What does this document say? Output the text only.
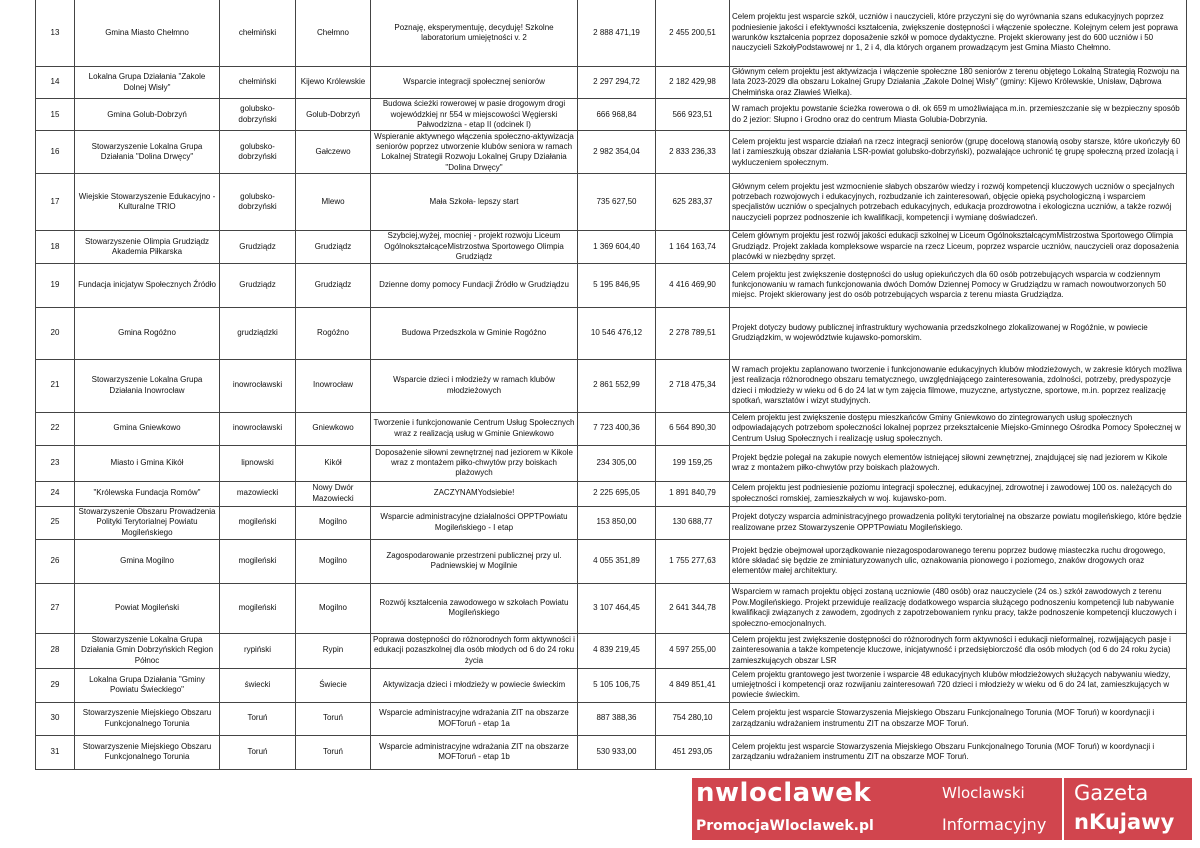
13	Gmina Miasto Chełmno	chełmiński	Chełmno	Poznaję, eksperymentuję, decyduję! Szkolne laboratorium umiejętności v. 2	2 888 471,19	2 455 200,51	Celem projektu jest wsparcie szkół, uczniów i nauczycieli, które przyczyni się do wyrównania szans edukacyjnych poprzez podniesienie jakości i efektywności kształcenia, zwiększenie dostępności i włączenie społeczne. Kolejnym celem jest poprawa warunków kształcenia poprzez doposażenie szkół w pomoce dydaktyczne. Projekt skierowany jest do 600 uczniów i 50 nauczycieli SzkołyPodstawowej nr 1, 2 i 4, dla których organem prowadzącym jest Gmina Miasto Chełmno.
14	Lokalna Grupa Działania "Zakole Dolnej Wisły"	chełmiński	Kijewo Królewskie	Wsparcie integracji społecznej seniorów	2 297 294,72	2 182 429,98	Głównym celem projektu jest aktywizacja i włączenie społeczne 180 seniorów z terenu objętego Lokalną Strategią Rozwoju na lata 2023-2029 dla obszaru Lokalnej Grupy Działania „Zakole Dolnej Wisły” (gminy: Kijewo Królewskie, Unisław, Dąbrowa Chełmińska oraz Zławieś Wielka).
15	Gmina Golub-Dobrzyń	golubsko-dobrzyński	Golub-Dobrzyń	Budowa ścieżki rowerowej w pasie drogowym drogi wojewódzkiej nr 554 w miejscowości Węgierski Pałwodzizna - etap II (odcinek I)	666 968,84	566 923,51	W ramach projektu powstanie ścieżka rowerowa o dł. ok 659 m umożliwiająca m.in. przemieszczanie się w bezpieczny sposób do 2 jezior: Słupno i Grodno oraz do centrum Miasta Golubia-Dobrzynia.
16	Stowarzyszenie Lokalna Grupa Działania "Dolina Drwęcy"	golubsko-dobrzyński	Gałczewo	Wspieranie aktywnego włączenia społeczno-aktywizacja seniorów poprzez utworzenie klubów seniora w ramach Lokalnej Strategii Rozwoju Lokalnej Grupy Działania "Dolina Drwęcy"	2 982 354,04	2 833 236,33	Celem projektu jest wsparcie działań na rzecz integracji seniorów (grupę docelową stanowią osoby starsze, które ukończyły 60 lat i zamieszkują obszar działania LSR-powiat golubsko-dobrzyński), pozwalające uchronić tę grupę społeczną przed izolacją i wykluczeniem społecznym.
17	Wiejskie Stowarzyszenie Edukacyjno - Kulturalne TRIO	golubsko-dobrzyński	Mlewo	Mała Szkoła- lepszy start	735 627,50	625 283,37	Głównym celem projektu jest wzmocnienie słabych obszarów wiedzy i rozwój kompetencji kluczowych uczniów o specjalnych potrzebach rozwojowych i edukacyjnych, rozbudzanie ich zainteresowań, objęcie opieką psychologiczną i wsparciem specjalistów uczniów o specjalnych potrzebach edukacyjnych, edukacja prozdrowotna i ekologiczna uczniów, a także rozwój nauczycieli poprzez podnoszenie ich kwalifikacji, kompetencji i wymianę doświadczeń.
18	Stowarzyszenie Olimpia Grudziądz Akademia Piłkarska	Grudziądz	Grudziądz	Szybciej,wyżej, mocniej - projekt rozwoju Liceum OgólnokształcąceMistrzostwa Sportowego Olimpia Grudziądz	1 369 604,40	1 164 163,74	Celem głównym projektu jest rozwój jakości edukacji szkolnej w Liceum OgólnokształcącymMistrzostwa Sportowego Olimpia Grudziądz. Projekt zakłada kompleksowe wsparcie na rzecz Liceum, poprzez wsparcie uczniów, nauczycieli oraz doposażenia placówki w niezbędny sprzęt.
19	Fundacja inicjatyw Społecznych Źródło	Grudziądz	Grudziądz	Dzienne domy pomocy Fundacji Źródło w Grudziądzu	5 195 846,95	4 416 469,90	Celem projektu jest zwiększenie dostępności do usług opiekuńczych dla 60 osób potrzebujących wsparcia w codziennym funkcjonowaniu w ramach funkcjonowania dwóch Domów Dziennej Pomocy w Grudziądzu w ramach nowoutworzonych 50 miejsc. Projekt skierowany jest do osób potrzebujących wsparcia z terenu miasta Grudziądza.
20	Gmina Rogóźno	grudziądzki	Rogóźno	Budowa Przedszkola w Gminie Rogóźno	10 546 476,12	2 278 789,51	Projekt dotyczy budowy publicznej infrastruktury wychowania przedszkolnego zlokalizowanej w Rogóźnie, w powiecie Grudziądzkim, w województwie kujawsko-pomorskim.
21	Stowarzyszenie Lokalna Grupa Działania Inowrocław	inowrocławski	Inowrocław	Wsparcie dzieci i młodzieży w ramach klubów młodzieżowych	2 861 552,99	2 718 475,34	W ramach projektu zaplanowano tworzenie i funkcjonowanie edukacyjnych klubów młodzieżowych, w zakresie których możliwa jest realizacja różnorodnego obszaru tematycznego, uwzględniającego zainteresowania, zdolności, potrzeby, predyspozycje dzieci i młodzieży w wieku od 6 do 24 lat w tym zajęcia filmowe, muzyczne, artystyczne, sportowe, m.in. poprzez realizację spotkań, warsztatów i wizyt studyjnych.
22	Gmina Gniewkowo	inowrocławski	Gniewkowo	Tworzenie i funkcjonowanie Centrum Usług Społecznych wraz z realizacją usług w Gminie Gniewkowo	7 723 400,36	6 564 890,30	Celem projektu jest zwiększenie dostępu mieszkańców Gminy Gniewkowo do zintegrowanych usług społecznych odpowiadających potrzebom społeczności lokalnej poprzez przekształcenie Miejsko-Gminnego Ośrodka Pomocy Społecznej w Centrum Usług Społecznych i realizację usług społecznych.
23	Miasto i Gmina Kikół	lipnowski	Kikół	Doposażenie siłowni zewnętrznej nad jeziorem w Kikole wraz z montażem piłko-chwytów przy boiskach plażowych	234 305,00	199 159,25	Projekt będzie polegał na zakupie nowych elementów istniejącej siłowni zewnętrznej, znajdującej się nad jeziorem w Kikole wraz z montażem piłko-chwytów przy boiskach plażowych.
24	"Królewska Fundacja Romów"	mazowiecki	Nowy Dwór Mazowiecki	ZACZYNAMYodsiebie!	2 225 695,05	1 891 840,79	Celem projektu jest podniesienie poziomu integracji społecznej, edukacyjnej, zdrowotnej i zawodowej 100 os. należących do społeczności romskiej, zamieszkałych w woj. kujawsko-pom.
25	Stowarzyszenie Obszaru Prowadzenia Polityki Terytorialnej Powiatu Mogileńskiego	mogileński	Mogilno	Wsparcie administracyjne działalności OPPTPowiatu Mogileńskiego - I etap	153 850,00	130 688,77	Projekt dotyczy wsparcia administracyjnego prowadzenia polityki terytorialnej na obszarze powiatu mogileńskiego, które będzie realizowane przez Stowarzyszenie OPPTPowiatu Mogileńskiego.
26	Gmina Mogilno	mogileński	Mogilno	Zagospodarowanie przestrzeni publicznej przy ul. Padniewskiej w Mogilnie	4 055 351,89	1 755 277,63	Projekt będzie obejmował uporządkowanie niezagospodarowanego terenu poprzez budowę miasteczka ruchu drogowego, które składać się będzie ze zminiaturyzowanych ulic, oznakowania pionowego i poziomego, znaków drogowych oraz elementów małej architektury.
27	Powiat Mogileński	mogileński	Mogilno	Rozwój kształcenia zawodowego w szkołach Powiatu Mogileńskiego	3 107 464,45	2 641 344,78	Wsparciem w ramach projektu objęci zostaną uczniowie (480 osób) oraz nauczyciele (24 os.) szkół zawodowych z terenu Pow.Mogileńskiego. Projekt przewiduje realizację dodatkowego wsparcia służącego podnoszeniu kompetencji lub nabywanie kwalifikacji związanych z zawodem, zgodnych z zapotrzebowaniem rynku pracy, także podnoszenie kompetencji kluczowych i społeczno-emocjonalnych.
28	Stowarzyszenie Lokalna Grupa Działania Gmin Dobrzyńskich Region Północ	rypiński	Rypin	Poprawa dostępności do różnorodnych form aktywności i edukacji pozaszkolnej dla osób młodych od 6 do 24 roku życia	4 839 219,45	4 597 255,00	Celem projektu jest zwiększenie dostępności do różnorodnych form aktywności i edukacji nieformalnej, rozwijających pasje i zainteresowania a także kompetencje kluczowe, inicjatywność i przedsiębiorczość dla osób młodych (od 6 do 24 roku życia) zamieszkujących obszar LSR
29	Lokalna Grupa Działania "Gminy Powiatu Świeckiego"	świecki	Świecie	Aktywizacja dzieci i młodzieży w powiecie świeckim	5 105 106,75	4 849 851,41	Celem projektu grantowego jest tworzenie i wsparcie 48 edukacyjnych klubów młodzieżowych służących nabywaniu wiedzy, umiejętności i kompetencji oraz rozwijaniu zainteresowań 720 dzieci i młodzieży w wieku od 6 do 24 lat, zamieszkujących w powiecie świeckim.
30	Stowarzyszenie Miejskiego Obszaru Funkcjonalnego Torunia	Toruń	Toruń	Wsparcie administracyjne wdrażania ZIT na obszarze MOFToruń - etap 1a	887 388,36	754 280,10	Celem projektu jest wsparcie Stowarzyszenia Miejskiego Obszaru Funkcjonalnego Torunia (MOF Toruń) w koordynacji i zarządzaniu wdrażaniem instrumentu ZIT na obszarze MOF Toruń.
31	Stowarzyszenie Miejskiego Obszaru Funkcjonalnego Torunia	Toruń	Toruń	Wsparcie administracyjne wdrażania ZIT na obszarze MOFToruń - etap 1b	530 933,00	451 293,05	Celem projektu jest wsparcie Stowarzyszenia Miejskiego Obszaru Funkcjonalnego Torunia (MOF Toruń) w koordynacji i zarządzaniu wdrażaniem instrumentu ZIT na obszarze MOF Toruń.
nwloclawek
PromocjaWloclawek.pl
Wloclawski
Informacyjny
Gazeta
nKujawy
